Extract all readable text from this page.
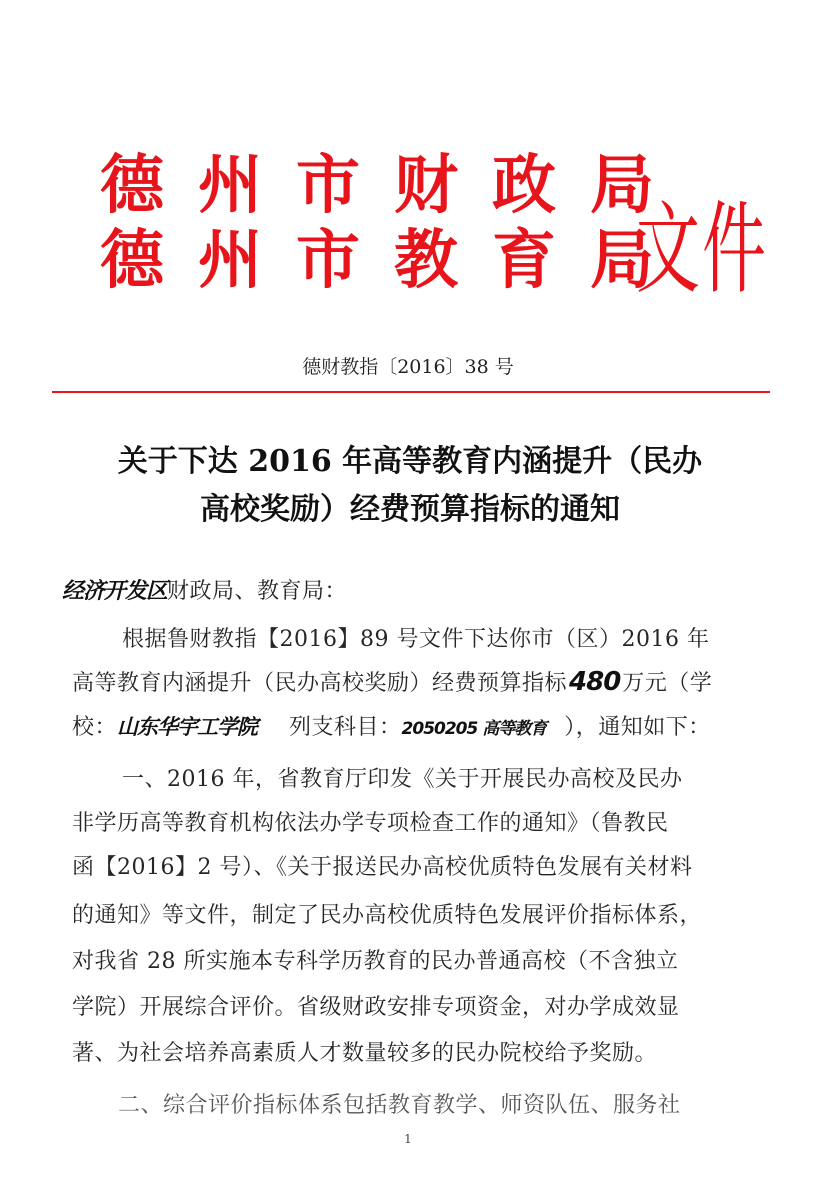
德州市财政局
德州市教育局
文件
德财教指〔2016〕38 号
关于下达 2016 年高等教育内涵提升（民办
高校奖励）经费预算指标的通知
经济开发区财政局、教育局：
根据鲁财教指【2016】89 号文件下达你市（区）2016 年
高等教育内涵提升（民办高校奖励）经费预算指标480万元（学
校：山东华宇工学院 列支科目：2050205 高等教育 ），通知如下：
一、2016 年，省教育厅印发《关于开展民办高校及民办
非学历高等教育机构依法办学专项检查工作的通知》（鲁教民
函【2016】2 号）、《关于报送民办高校优质特色发展有关材料
的通知》等文件，制定了民办高校优质特色发展评价指标体系，
对我省 28 所实施本专科学历教育的民办普通高校（不含独立
学院）开展综合评价。省级财政安排专项资金，对办学成效显
著、为社会培养高素质人才数量较多的民办院校给予奖励。
二、综合评价指标体系包括教育教学、师资队伍、服务社
1
